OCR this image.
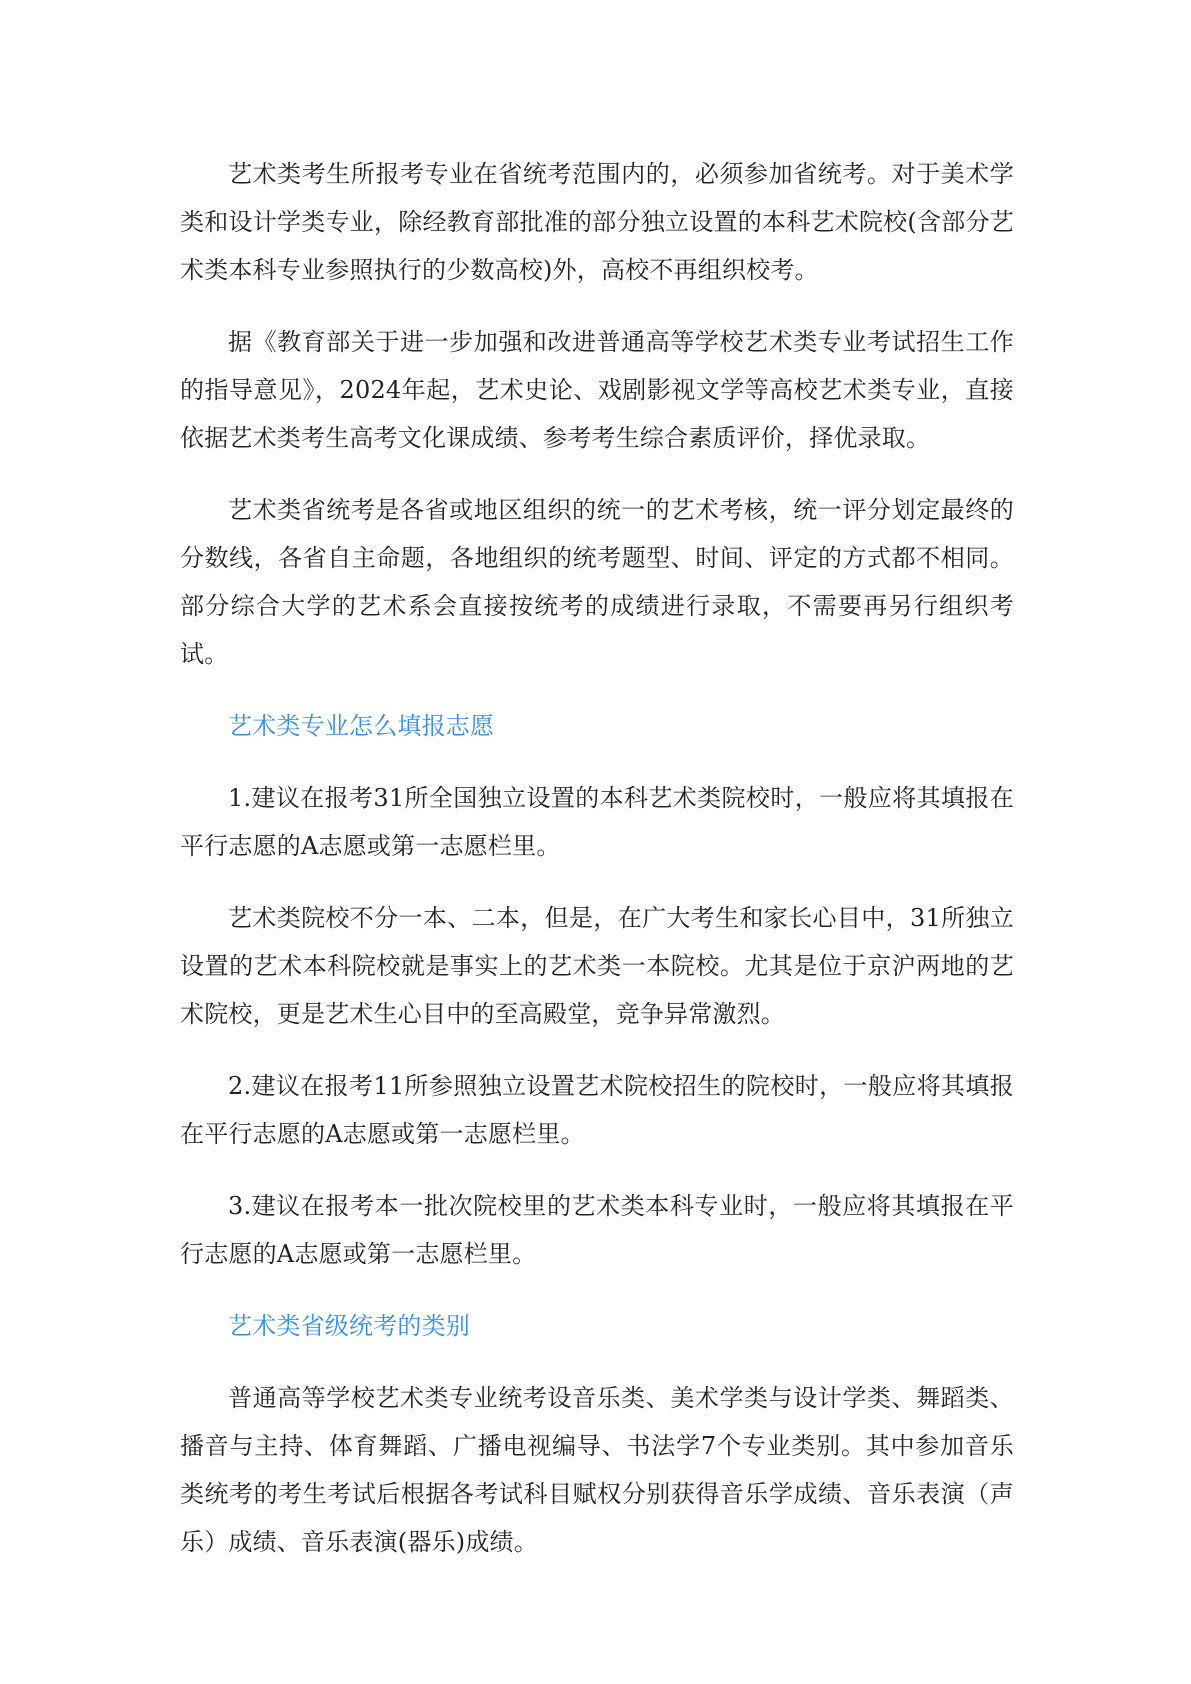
艺术类考生所报考专业在省统考范围内的，必须参加省统考。对于美术学类和设计学类专业，除经教育部批准的部分独立设置的本科艺术院校(含部分艺术类本科专业参照执行的少数高校)外，高校不再组织校考。

据《教育部关于进一步加强和改进普通高等学校艺术类专业考试招生工作的指导意见》，2024年起，艺术史论、戏剧影视文学等高校艺术类专业，直接依据艺术类考生高考文化课成绩、参考考生综合素质评价，择优录取。

艺术类省统考是各省或地区组织的统一的艺术考核，统一评分划定最终的分数线，各省自主命题，各地组织的统考题型、时间、评定的方式都不相同。部分综合大学的艺术系会直接按统考的成绩进行录取，不需要再另行组织考试。

艺术类专业怎么填报志愿

1.建议在报考31所全国独立设置的本科艺术类院校时，一般应将其填报在平行志愿的A志愿或第一志愿栏里。

艺术类院校不分一本、二本，但是，在广大考生和家长心目中，31所独立设置的艺术本科院校就是事实上的艺术类一本院校。尤其是位于京沪两地的艺术院校，更是艺术生心目中的至高殿堂，竞争异常激烈。

2.建议在报考11所参照独立设置艺术院校招生的院校时，一般应将其填报在平行志愿的A志愿或第一志愿栏里。

3.建议在报考本一批次院校里的艺术类本科专业时，一般应将其填报在平行志愿的A志愿或第一志愿栏里。

艺术类省级统考的类别

普通高等学校艺术类专业统考设音乐类、美术学类与设计学类、舞蹈类、播音与主持、体育舞蹈、广播电视编导、书法学7个专业类别。其中参加音乐类统考的考生考试后根据各考试科目赋权分别获得音乐学成绩、音乐表演（声乐）成绩、音乐表演(器乐)成绩。
